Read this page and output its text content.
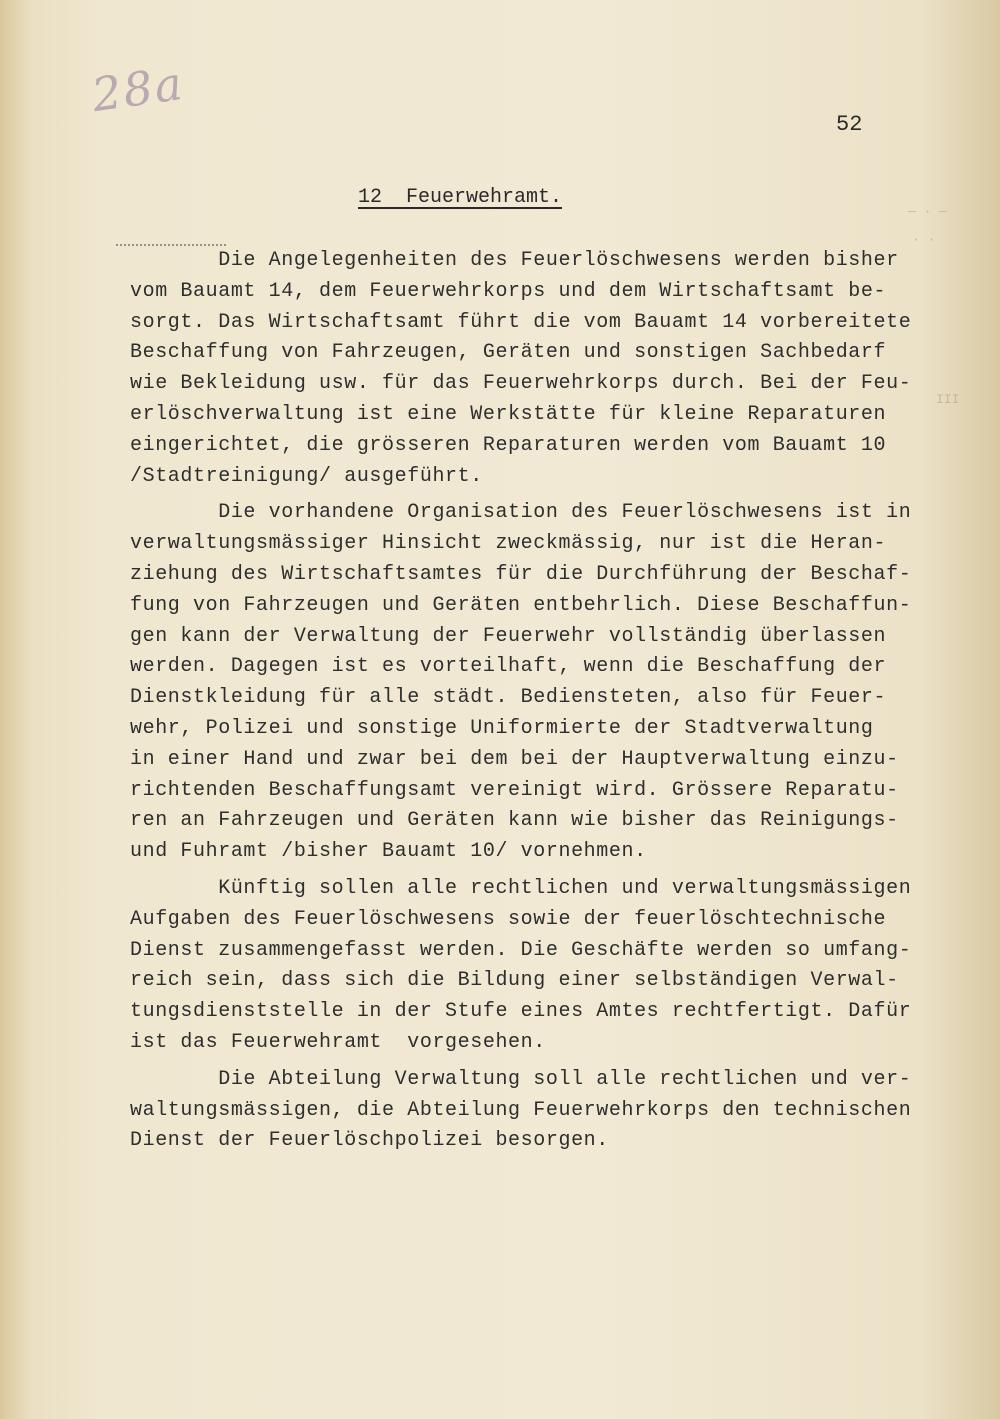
28a
52
— · —
· ·
III
12  Feuerwehramt.
Die Angelegenheiten des Feuerlöschwesens werden bisher
vom Bauamt 14, dem Feuerwehrkorps und dem Wirtschaftsamt be-
sorgt. Das Wirtschaftsamt führt die vom Bauamt 14 vorbereitete
Beschaffung von Fahrzeugen, Geräten und sonstigen Sachbedarf
wie Bekleidung usw. für das Feuerwehrkorps durch. Bei der Feu-
erlöschverwaltung ist eine Werkstätte für kleine Reparaturen
eingerichtet, die grösseren Reparaturen werden vom Bauamt 10
/Stadtreinigung/ ausgeführt.
Die vorhandene Organisation des Feuerlöschwesens ist in
verwaltungsmässiger Hinsicht zweckmässig, nur ist die Heran-
ziehung des Wirtschaftsamtes für die Durchführung der Beschaf-
fung von Fahrzeugen und Geräten entbehrlich. Diese Beschaffun-
gen kann der Verwaltung der Feuerwehr vollständig überlassen
werden. Dagegen ist es vorteilhaft, wenn die Beschaffung der
Dienstkleidung für alle städt. Bediensteten, also für Feuer-
wehr, Polizei und sonstige Uniformierte der Stadtverwaltung
in einer Hand und zwar bei dem bei der Hauptverwaltung einzu-
richtenden Beschaffungsamt vereinigt wird. Grössere Reparatu-
ren an Fahrzeugen und Geräten kann wie bisher das Reinigungs-
und Fuhramt /bisher Bauamt 10/ vornehmen.
Künftig sollen alle rechtlichen und verwaltungsmässigen
Aufgaben des Feuerlöschwesens sowie der feuerlöschtechnische
Dienst zusammengefasst werden. Die Geschäfte werden so umfang-
reich sein, dass sich die Bildung einer selbständigen Verwal-
tungsdienststelle in der Stufe eines Amtes rechtfertigt. Dafür
ist das Feuerwehramt  vorgesehen.
Die Abteilung Verwaltung soll alle rechtlichen und ver-
waltungsmässigen, die Abteilung Feuerwehrkorps den technischen
Dienst der Feuerlöschpolizei besorgen.
